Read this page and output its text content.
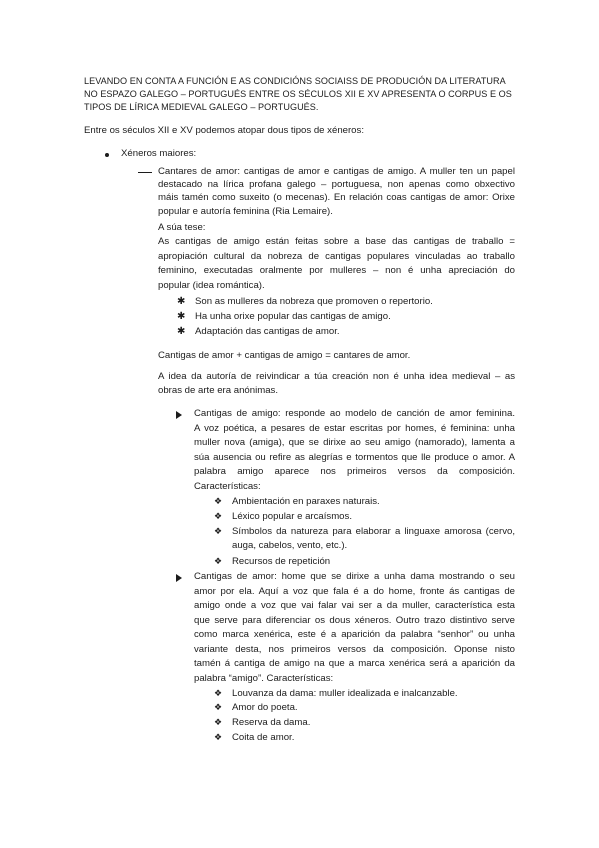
LEVANDO EN CONTA A FUNCIÓN E AS CONDICIÓNS SOCIAISS DE PRODUCIÓN DA LITERATURA
NO ESPAZO GALEGO – PORTUGUÉS ENTRE OS SÉCULOS XII E XV APRESENTA O CORPUS E OS
TIPOS DE LÍRICA MEDIEVAL GALEGO – PORTUGUÉS.
Entre os séculos XII e XV podemos atopar dous tipos de xéneros:
Xéneros maiores:
Cantares de amor: cantigas de amor e cantigas de amigo. A muller ten un papel
destacado na lírica profana galego – portuguesa, non apenas como obxectivo
máis tamén como suxeito (o mecenas). En relación coas cantigas de amor: Orixe
popular e autoría feminina (Ria Lemaire).
A súa tese:
As cantigas de amigo están feitas sobre a base das cantigas de traballo =
apropiación cultural da nobreza de cantigas populares vinculadas ao traballo
feminino, executadas oralmente por mulleres – non é unha apreciación do
popular (idea romántica).
✱ Son as mulleres da nobreza que promoven o repertorio.
✱ Ha unha orixe popular das cantigas de amigo.
✱ Adaptación das cantigas de amor.
Cantigas de amor + cantigas de amigo = cantares de amor.
A idea da autoría de reivindicar a túa creación non é unha idea medieval – as
obras de arte era anónimas.
Cantigas de amigo: responde ao modelo de canción de amor feminina.
A voz poética, a pesares de estar escritas por homes, é feminina: unha
muller nova (amiga), que se dirixe ao seu amigo (namorado), lamenta a
súa ausencia ou refire as alegrías e tormentos que lle produce o amor. A
palabra amigo aparece nos primeiros versos da composición.
Características:
❖ Ambientación en paraxes naturais.
❖ Léxico popular e arcaísmos.
❖ Símbolos da natureza para elaborar a linguaxe amorosa (cervo,
auga, cabelos, vento, etc.).
❖ Recursos de repetición
Cantigas de amor: home que se dirixe a unha dama mostrando o seu
amor por ela. Aquí a voz que fala é a do home, fronte ás cantigas de
amigo onde a voz que vai falar vai ser a da muller, característica esta
que serve para diferenciar os dous xéneros. Outro trazo distintivo serve
como marca xenérica, este é a aparición da palabra “senhor” ou unha
variante desta, nos primeiros versos da composición. Oponse nisto
tamén á cantiga de amigo na que a marca xenérica será a aparición da
palabra “amigo”. Características:
❖ Louvanza da dama: muller idealizada e inalcanzable.
❖ Amor do poeta.
❖ Reserva da dama.
❖ Coita de amor.
